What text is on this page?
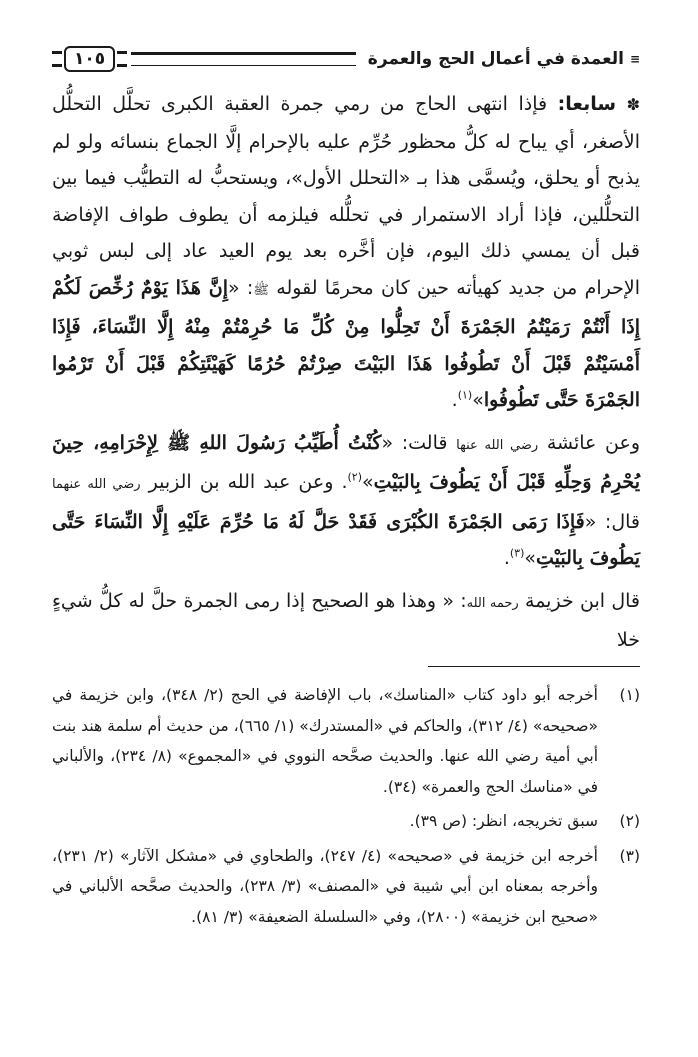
≡
العمدة في أعمال الحج والعمرة
١٠٥

✽ سابعا: فإذا انتهى الحاج من رمي جمرة العقبة الكبرى تحلَّل التحلُّل الأصغر، أي يباح له كلُّ محظور حُرِّم عليه بالإحرام إلَّا الجماع بنسائه ولو لم يذبح أو يحلق، ويُسمَّى هذا بـ «التحلل الأول»، ويستحبُّ له التطيُّب فيما بين التحلُّلين، فإذا أراد الاستمرار في تحلُّله فيلزمه أن يطوف طواف الإفاضة قبل أن يمسي ذلك اليوم، فإن أخَّره بعد يوم العيد عاد إلى لبس ثوبي الإحرام من جديد كهيأته حين كان محرمًا لقوله ﷺ: «إِنَّ هَذَا يَوْمٌ رُخِّصَ لَكُمْ إِذَا أَنْتُمْ رَمَيْتُمُ الجَمْرَةَ أَنْ تَحِلُّوا مِنْ كُلِّ مَا حُرِمْتُمْ مِنْهُ إِلَّا النِّسَاءَ، فَإِذَا أَمْسَيْتُمْ قَبْلَ أَنْ تَطُوفُوا هَذَا البَيْتَ صِرْتُمْ حُرُمًا كَهَيْئَتِكُمْ قَبْلَ أَنْ تَرْمُوا الجَمْرَةَ حَتَّى تَطُوفُوا»$^{(١)}$.

وعن عائشة رضي الله عنها قالت: «كُنْتُ أُطَيِّبُ رَسُولَ اللهِ ﷺ لِإِحْرَامِهِ، حِينَ يُحْرِمُ وَحِلِّهِ قَبْلَ أَنْ يَطُوفَ بِالبَيْتِ»$^{(٢)}$. وعن عبد الله بن الزبير رضي الله عنهما قال: «فَإِذَا رَمَى الجَمْرَةَ الكُبْرَى فَقَدْ حَلَّ لَهُ مَا حُرِّمَ عَلَيْهِ إِلَّا النِّسَاءَ حَتَّى يَطُوفَ بِالبَيْتِ»$^{(٣)}$.

قال ابن خزيمة رحمه الله: « وهذا هو الصحيح إذا رمى الجمرة حلَّ له كلُّ شيءٍ خلا

(١)
أخرجه أبو داود كتاب «المناسك»، باب الإفاضة في الحج (٢/ ٣٤٨)، وابن خزيمة في «صحيحه» (٤/ ٣١٢)، والحاكم في «المستدرك» (١/ ٦٦٥)، من حديث أم سلمة هند بنت أبي أمية رضي الله عنها. والحديث صحَّحه النووي في «المجموع» (٨/ ٢٣٤)، والألباني في «مناسك الحج والعمرة» (٣٤).
(٢)
سبق تخريجه، انظر: (ص ٣٩).
(٣)
أخرجه ابن خزيمة في «صحيحه» (٤/ ٢٤٧)، والطحاوي في «مشكل الآثار» (٢/ ٢٣١)، وأخرجه بمعناه ابن أبي شيبة في «المصنف» (٣/ ٢٣٨)، والحديث صحَّحه الألباني في «صحيح ابن خزيمة» (٢٨٠٠)، وفي «السلسلة الضعيفة» (٣/ ٨١).
